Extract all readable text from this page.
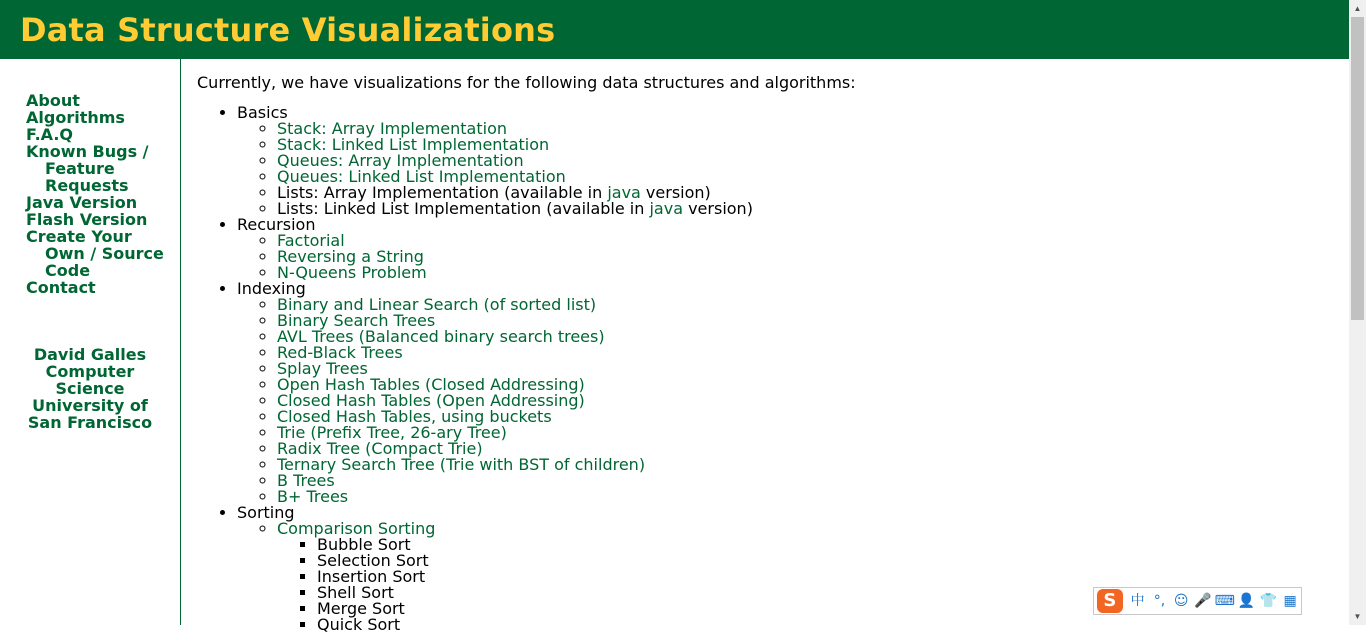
Data Structure Visualizations
About
Algorithms
F.A.Q
Known Bugs / Feature Requests
Java Version
Flash Version
Create Your Own / Source Code
Contact
David Galles
Computer Science
University of San Francisco

Currently, we have visualizations for the following data structures and algorithms:

• Basics
◦ Stack: Array Implementation
◦ Stack: Linked List Implementation
◦ Queues: Array Implementation
◦ Queues: Linked List Implementation
◦ Lists: Array Implementation (available in java version)
◦ Lists: Linked List Implementation (available in java version)
• Recursion
◦ Factorial
◦ Reversing a String
◦ N-Queens Problem
• Indexing
◦ Binary and Linear Search (of sorted list)
◦ Binary Search Trees
◦ AVL Trees (Balanced binary search trees)
◦ Red-Black Trees
◦ Splay Trees
◦ Open Hash Tables (Closed Addressing)
◦ Closed Hash Tables (Open Addressing)
◦ Closed Hash Tables, using buckets
◦ Trie (Prefix Tree, 26-ary Tree)
◦ Radix Tree (Compact Trie)
◦ Ternary Search Tree (Trie with BST of children)
◦ B Trees
◦ B+ Trees
• Sorting
◦ Comparison Sorting
▪ Bubble Sort
▪ Selection Sort
▪ Insertion Sort
▪ Shell Sort
▪ Merge Sort
▪ Quick Sort
▲
▼
S	中 °, ☺ 🎤 ⌨ 👤 👕 ▦
